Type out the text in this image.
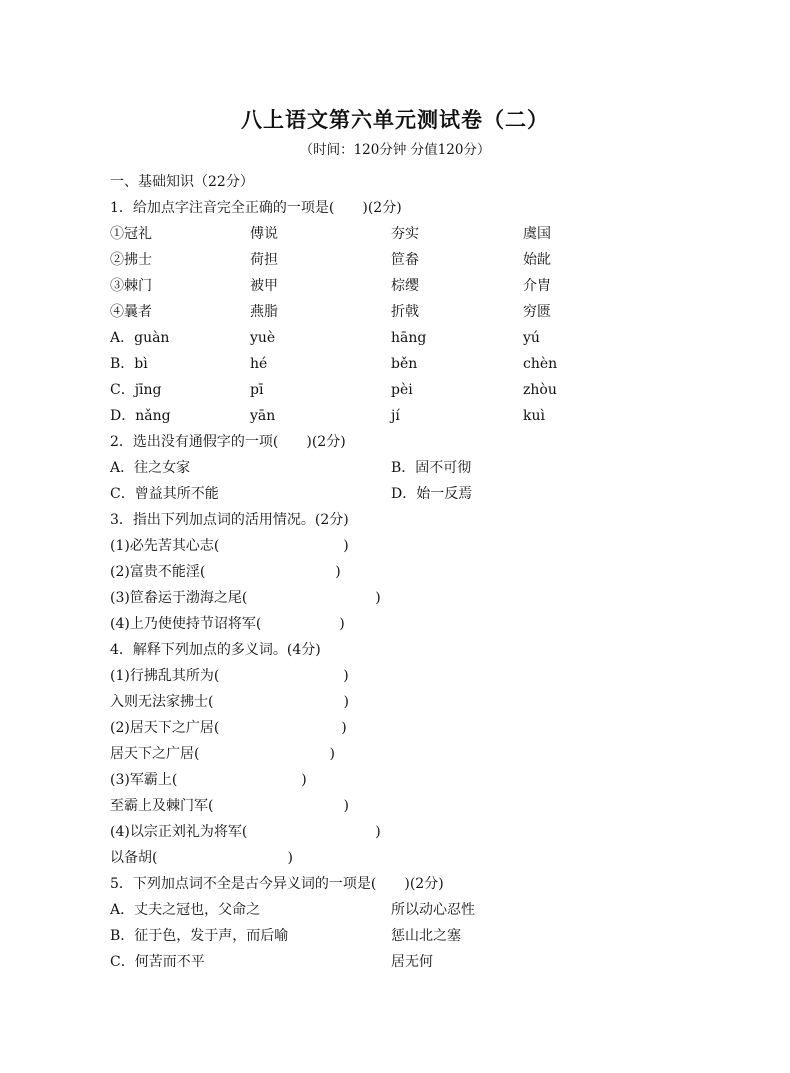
八上语文第六单元测试卷（二）
（时间：120分钟 分值120分）
一、基础知识（22分）
1．给加点字注音完全正确的一项是(　　)(2分)
①冠礼	傅说	夯实	虞国
②拂士	荷担	笸畚	始龀
③棘门	被甲	棕缨	介胄
④曩者	燕脂	折戟	穷匮
A．guàn	yuè	hāng	yú
B．bì	hé	běn	chèn
C．jīng	pī	pèi	zhòu
D．nǎng	yān	jí	kuì
2．选出没有通假字的一项(　　)(2分)
A．往之女家	B．固不可彻
C．曾益其所不能	D．始一反焉
3．指出下列加点词的活用情况。(2分)
(1)必先苦其心志(	)
(2)富贵不能淫(	)
(3)笸畚运于渤海之尾(	)
(4)上乃使使持节诏将军(	)
4．解释下列加点的多义词。(4分)
(1)行拂乱其所为(	)
入则无法家拂士(	)
(2)居天下之广居(	)
居天下之广居(	)
(3)军霸上(	)
至霸上及棘门军(	)
(4)以宗正刘礼为将军(	)
以备胡(	)
5．下列加点词不全是古今异义词的一项是(　　)(2分)
A．丈夫之冠也，父命之	所以动心忍性
B．征于色，发于声，而后喻	惩山北之塞
C．何苦而不平	居无何
